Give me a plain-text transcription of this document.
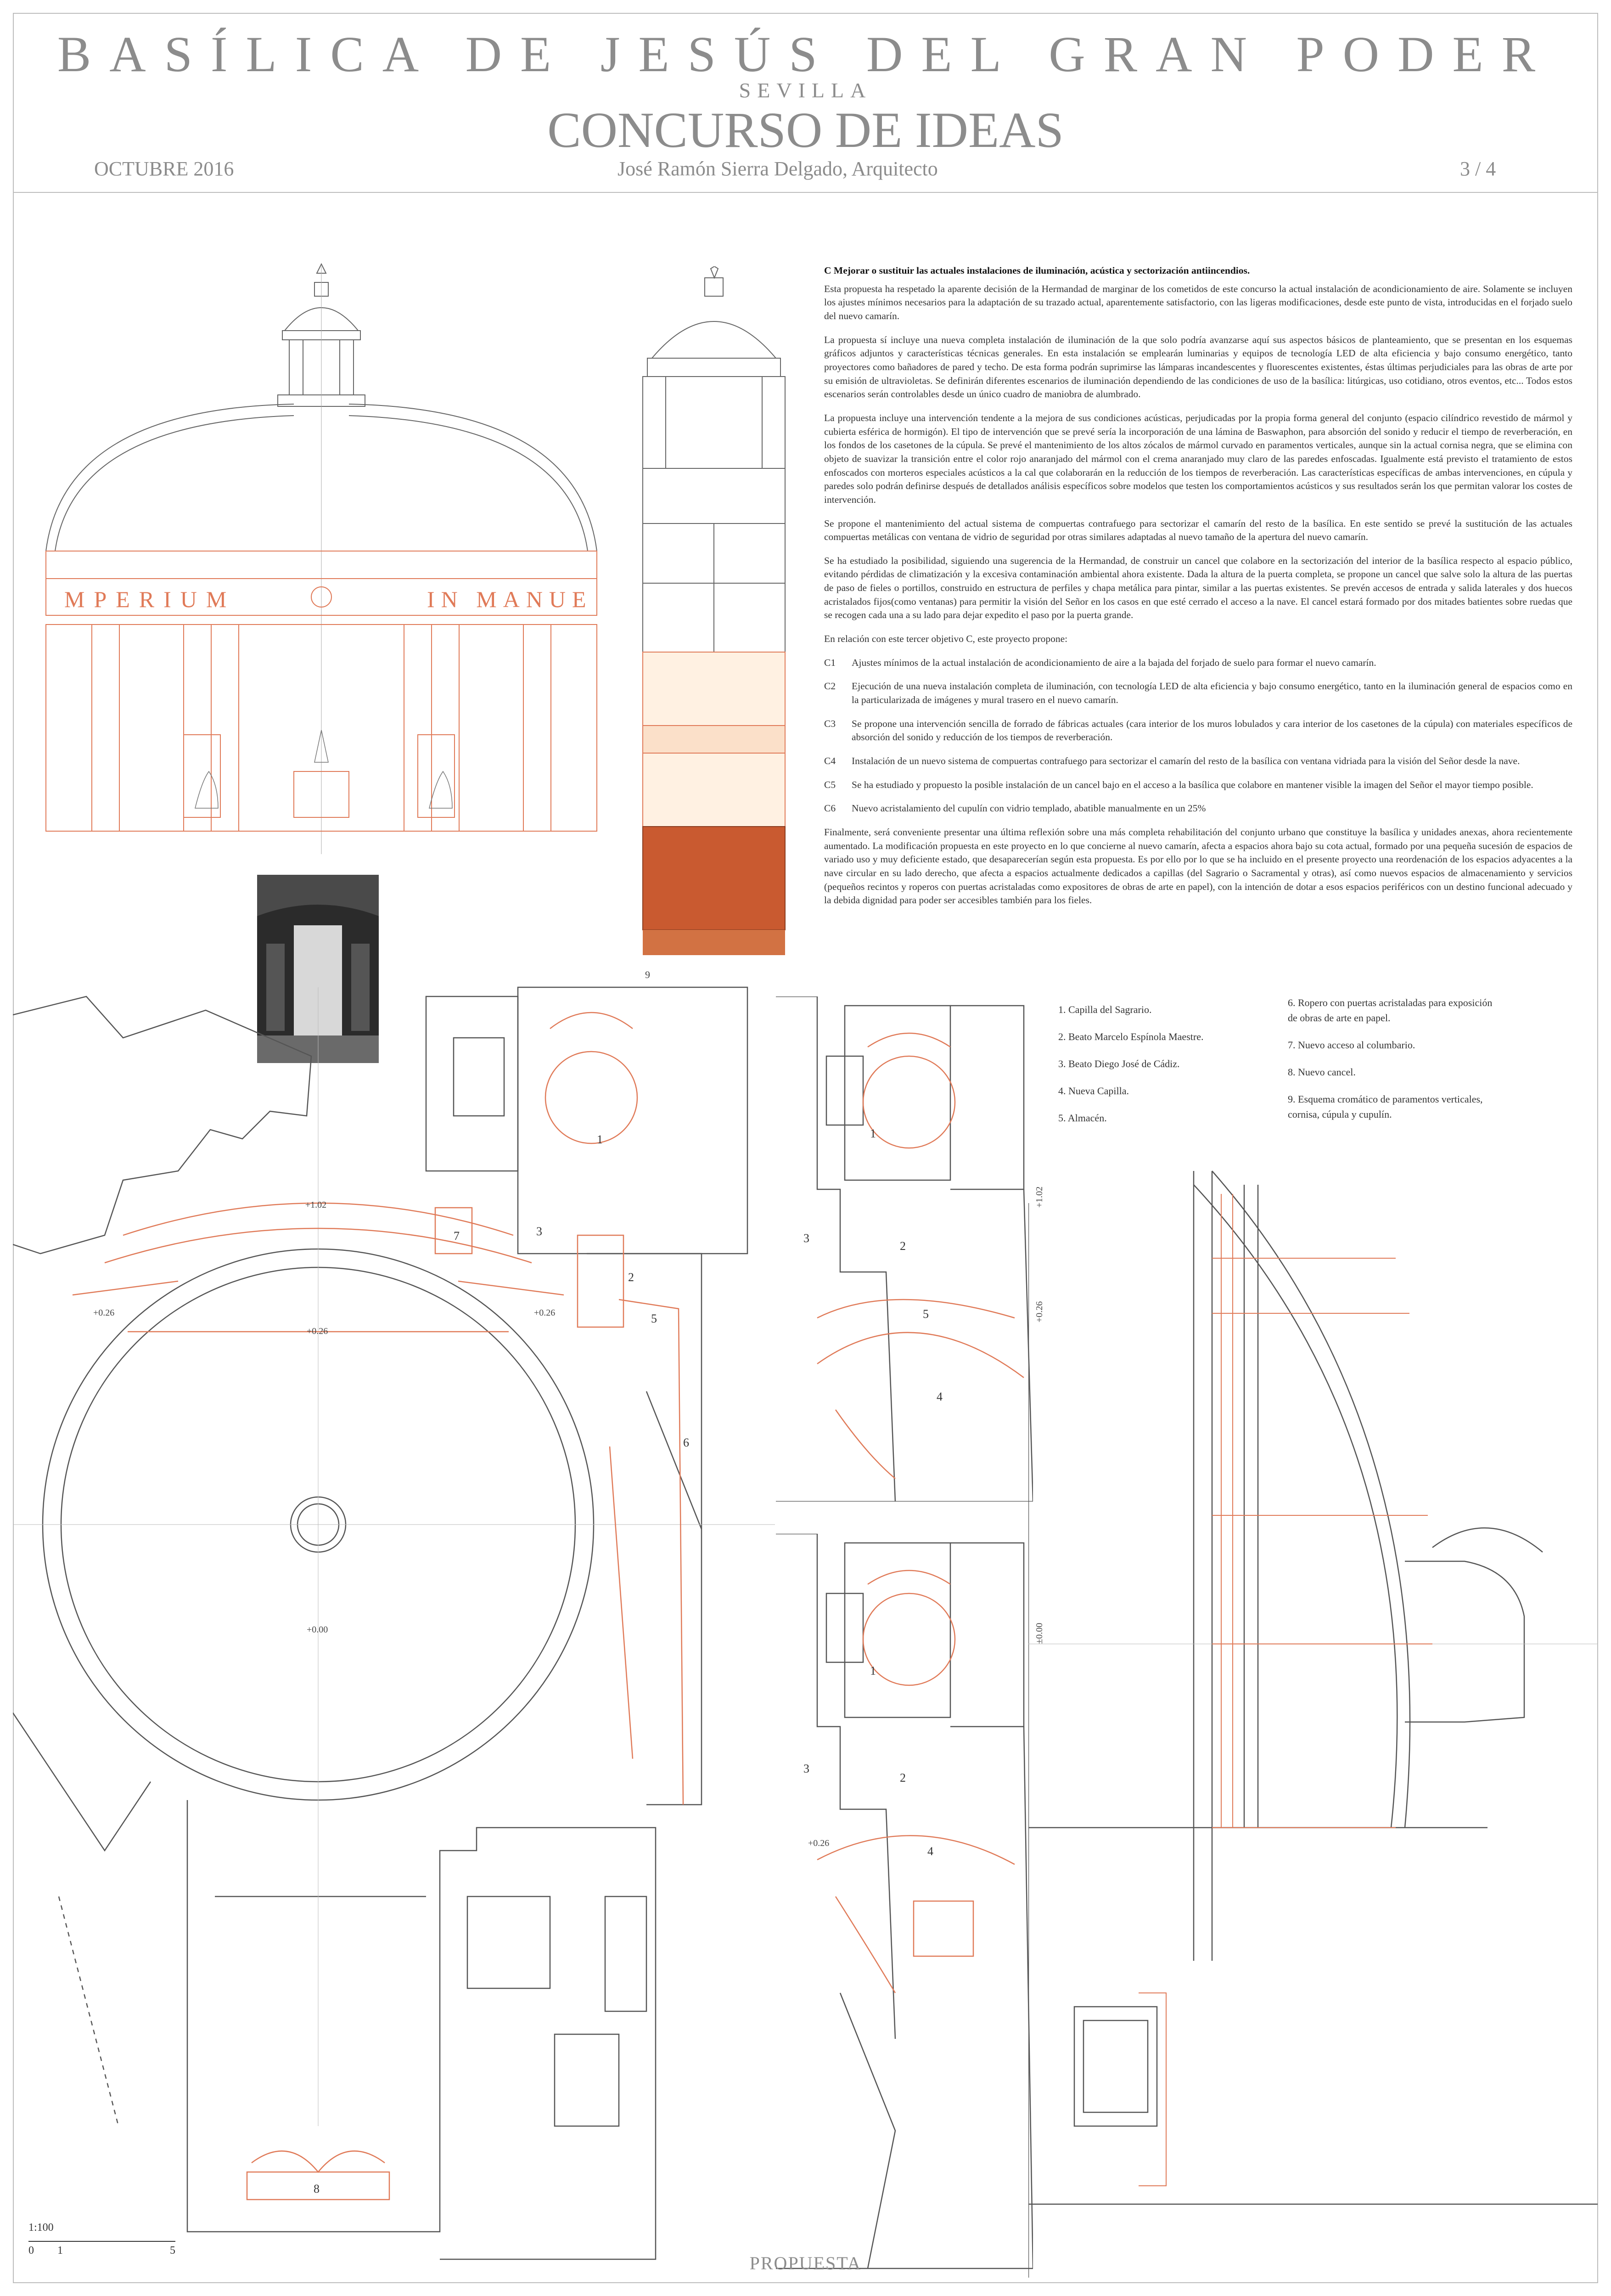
BASÍLICA DE JESÚS DEL GRAN PODER
SEVILLA
CONCURSO DE IDEAS
OCTUBRE 2016	José Ramón Sierra Delgado, Arquitecto	3 / 4
MPERIUM	IN MANUE
9

C Mejorar o sustituir las actuales instalaciones de iluminación, acústica y sectorización antiincendios.

Esta propuesta ha respetado la aparente decisión de la Hermandad de marginar de los cometidos de este concurso la actual instalación de acondicionamiento de aire. Solamente se incluyen los ajustes mínimos necesarios para la adaptación de su trazado actual, aparentemente satisfactorio, con las ligeras modificaciones, desde este punto de vista, introducidas en el forjado suelo del nuevo camarín.

La propuesta sí incluye una nueva completa instalación de iluminación de la que solo podría avanzarse aquí sus aspectos básicos de planteamiento, que se presentan en los esquemas gráficos adjuntos y características técnicas generales. En esta instalación se emplearán luminarias y equipos de tecnología LED de alta eficiencia y bajo consumo energético, tanto proyectores como bañadores de pared y techo. De esta forma podrán suprimirse las lámparas incandescentes y fluorescentes existentes, éstas últimas perjudiciales para las obras de arte por su emisión de ultravioletas. Se definirán diferentes escenarios de iluminación dependiendo de las condiciones de uso de la basílica: litúrgicas, uso cotidiano, otros eventos, etc... Todos estos escenarios serán controlables desde un único cuadro de maniobra de alumbrado.

La propuesta incluye una intervención tendente a la mejora de sus condiciones acústicas, perjudicadas por la propia forma general del conjunto (espacio cilíndrico revestido de mármol y cubierta esférica de hormigón). El tipo de intervención que se prevé sería la incorporación de una lámina de Baswaphon, para absorción del sonido y reducir el tiempo de reverberación, en los fondos de los casetones de la cúpula. Se prevé el mantenimiento de los altos zócalos de mármol curvado en paramentos verticales, aunque sin la actual cornisa negra, que se elimina con objeto de suavizar la transición entre el color rojo anaranjado del mármol con el crema anaranjado muy claro de las paredes enfoscadas. Igualmente está previsto el tratamiento de estos enfoscados con morteros especiales acústicos a la cal que colaborarán en la reducción de los tiempos de reverberación. Las características específicas de ambas intervenciones, en cúpula y paredes solo podrán definirse después de detallados análisis específicos sobre modelos que testen los comportamientos acústicos y sus resultados serán los que permitan valorar los costes de intervención.

Se propone el mantenimiento del actual sistema de compuertas contrafuego para sectorizar el camarín del resto de la basílica. En este sentido se prevé la sustitución de las actuales compuertas metálicas con ventana de vidrio de seguridad por otras similares adaptadas al nuevo tamaño de la apertura del nuevo camarín.

Se ha estudiado la posibilidad, siguiendo una sugerencia de la Hermandad, de construir un cancel que colabore en la sectorización del interior de la basílica respecto al espacio público, evitando pérdidas de climatización y la excesiva contaminación ambiental ahora existente. Dada la altura de la puerta completa, se propone un cancel que salve solo la altura de las puertas de paso de fieles o portillos, construido en estructura de perfiles y chapa metálica para pintar, similar a las puertas existentes. Se prevén accesos de entrada y salida laterales y dos huecos acristalados fijos(como ventanas) para permitir la visión del Señor en los casos en que esté cerrado el acceso a la nave. El cancel estará formado por dos mitades batientes sobre ruedas que se recogen cada una a su lado para dejar expedito el paso por la puerta grande.

En relación con este tercer objetivo C, este proyecto propone:

C1	Ajustes mínimos de la actual instalación de acondicionamiento de aire a la bajada del forjado de suelo para formar el nuevo camarín.

C2	Ejecución de una nueva instalación completa de iluminación, con tecnología LED de alta eficiencia y bajo consumo energético, tanto en la iluminación general de espacios como en la particularizada de imágenes y mural trasero en el nuevo camarín.

C3	Se propone una intervención sencilla de forrado de fábricas actuales (cara interior de los muros lobulados y cara interior de los casetones de la cúpula) con materiales específicos de absorción del sonido y reducción de los tiempos de reverberación.

C4	Instalación de un nuevo sistema de compuertas contrafuego para sectorizar el camarín del resto de la basílica con ventana vidriada para la visión del Señor desde la nave.

C5	Se ha estudiado y propuesto la posible instalación de un cancel bajo en el acceso a la basílica que colabore en mantener visible la imagen del Señor el mayor tiempo posible.

C6	Nuevo acristalamiento del cupulín con vidrio templado, abatible manualmente en un 25%

Finalmente, será conveniente presentar una última reflexión sobre una más completa rehabilitación del conjunto urbano que constituye la basílica y unidades anexas, ahora recientemente aumentado. La modificación propuesta en este proyecto en lo que concierne al nuevo camarín, afecta a espacios ahora bajo su cota actual, formado por una pequeña sucesión de espacios de variado uso y muy deficiente estado, que desaparecerían según esta propuesta. Es por ello por lo que se ha incluido en el presente proyecto una reordenación de los espacios adyacentes a la nave circular en su lado derecho, que afecta a espacios actualmente dedicados a capillas (del Sagrario o Sacramental y otras), así como nuevos espacios de almacenamiento y servicios (pequeños recintos y roperos con puertas acristaladas como expositores de obras de arte en papel), con la intención de dotar a esos espacios periféricos con un destino funcional adecuado y la debida dignidad para poder ser accesibles también para los fieles.

1. Capilla del Sagrario.
2. Beato Marcelo Espínola Maestre.
3. Beato Diego José de Cádiz.
4. Nueva Capilla.
5. Almacén.
6. Ropero con puertas acristaladas para exposición de obras de arte en papel.
7. Nuevo acceso al columbario.
8. Nuevo cancel.
9. Esquema cromático de paramentos verticales, cornisa, cúpula y cupulín.
+1.02
+0.26
+0.26
+0.26
+0.00
1
2
3
5
6
7
8
1
3
2
5
4
1
3
2
+0.26
4
+1.02
+0.26
±0.00
1:100
0 1	5
PROPUESTA
